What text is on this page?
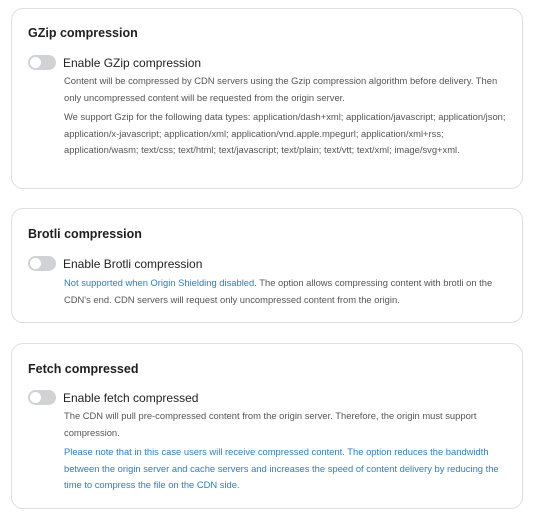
GZip compression
Enable GZip compression
Content will be compressed by CDN servers using the Gzip compression algorithm before delivery. Then only uncompressed content will be requested from the origin server.
We support Gzip for the following data types: application/dash+xml; application/javascript; application/json; application/x-javascript; application/xml; application/vnd.apple.mpegurl; application/xml+rss; application/wasm; text/css; text/html; text/javascript; text/plain; text/vtt; text/xml; image/svg+xml.
Brotli compression
Enable Brotli compression
Not supported when Origin Shielding disabled. The option allows compressing content with brotli on the CDN's end. CDN servers will request only uncompressed content from the origin.
Fetch compressed
Enable fetch compressed
The CDN will pull pre-compressed content from the origin server. Therefore, the origin must support compression.
Please note that in this case users will receive compressed content. The option reduces the bandwidth between the origin server and cache servers and increases the speed of content delivery by reducing the time to compress the file on the CDN side.
